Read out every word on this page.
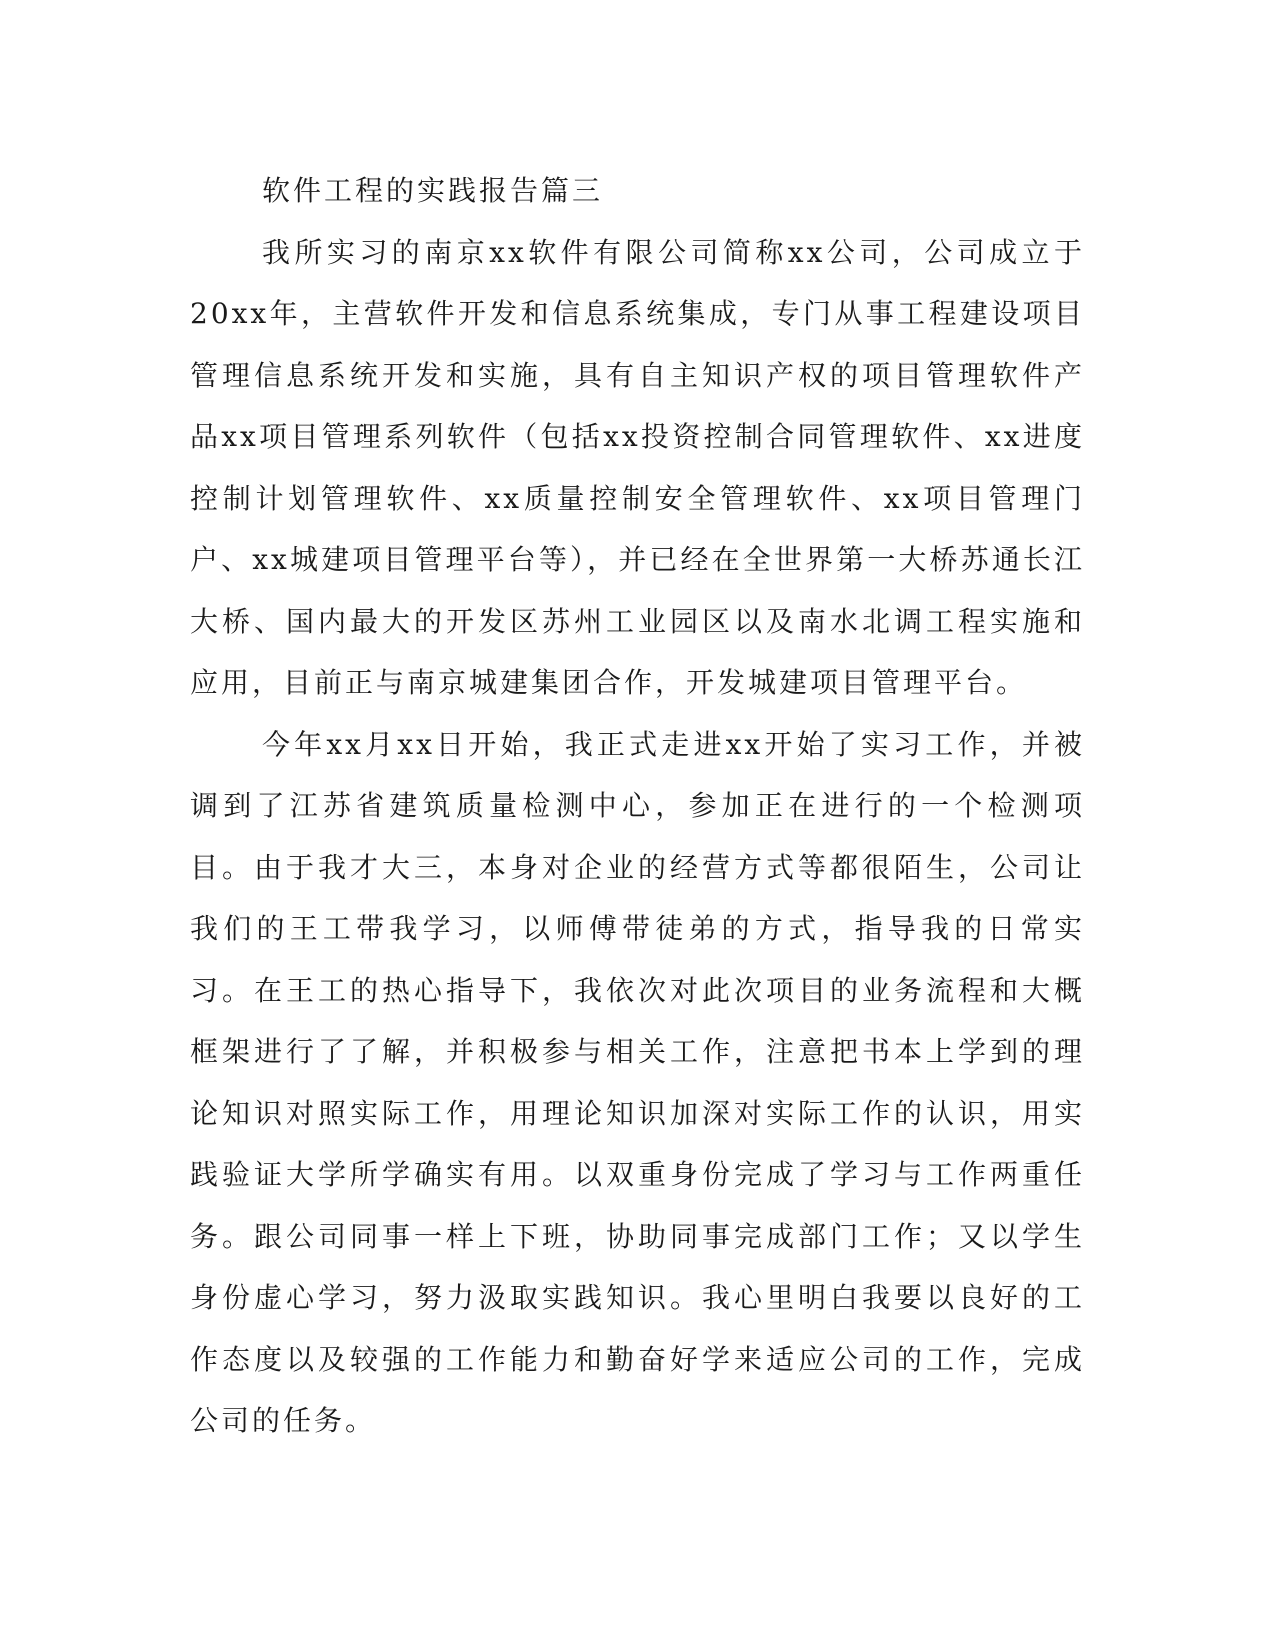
软件工程的实践报告篇三

我所实习的南京xx软件有限公司简称xx公司，公司成立于20xx年，主营软件开发和信息系统集成，专门从事工程建设项目管理信息系统开发和实施，具有自主知识产权的项目管理软件产品xx项目管理系列软件（包括xx投资控制合同管理软件、xx进度控制计划管理软件、xx质量控制安全管理软件、xx项目管理门户、xx城建项目管理平台等），并已经在全世界第一大桥苏通长江大桥、国内最大的开发区苏州工业园区以及南水北调工程实施和应用，目前正与南京城建集团合作，开发城建项目管理平台。

今年xx月xx日开始，我正式走进xx开始了实习工作，并被调到了江苏省建筑质量检测中心，参加正在进行的一个检测项目。由于我才大三，本身对企业的经营方式等都很陌生，公司让我们的王工带我学习，以师傅带徒弟的方式，指导我的日常实习。在王工的热心指导下，我依次对此次项目的业务流程和大概框架进行了了解，并积极参与相关工作，注意把书本上学到的理论知识对照实际工作，用理论知识加深对实际工作的认识，用实践验证大学所学确实有用。以双重身份完成了学习与工作两重任务。跟公司同事一样上下班，协助同事完成部门工作；又以学生身份虚心学习，努力汲取实践知识。我心里明白我要以良好的工作态度以及较强的工作能力和勤奋好学来适应公司的工作，完成公司的任务。
